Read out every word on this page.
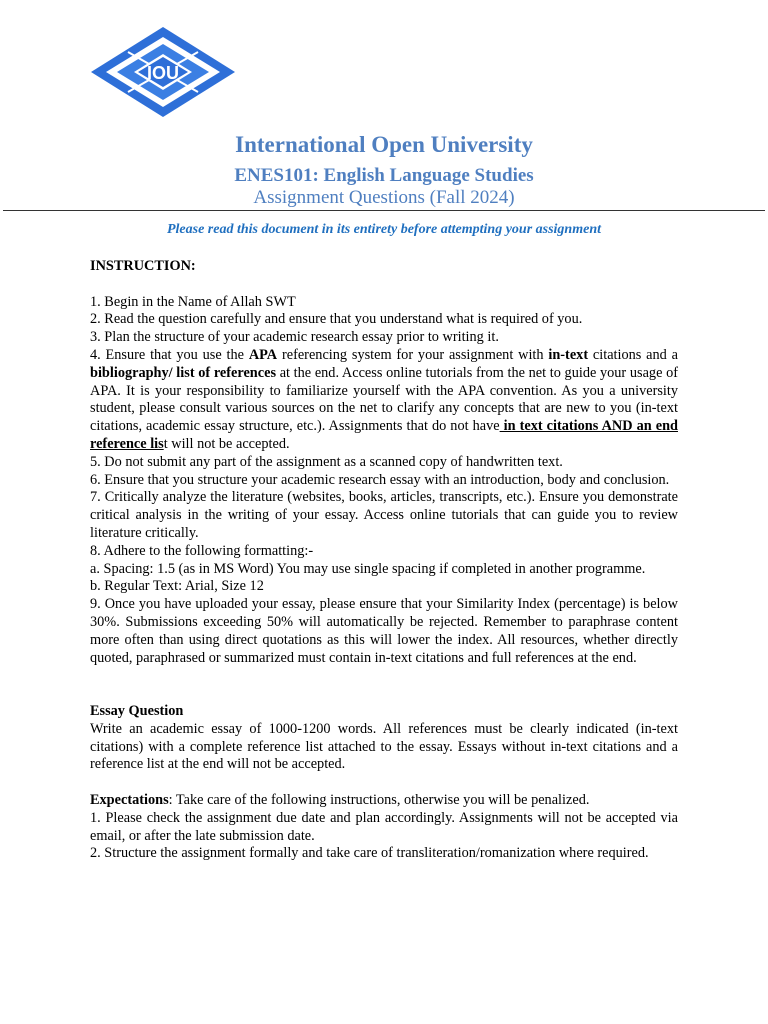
IOU
International Open University
ENES101: English Language Studies
Assignment Questions (Fall 2024)
Please read this document in its entirety before attempting your assignment

INSTRUCTION:

1. Begin in the Name of Allah SWT

2. Read the question carefully and ensure that you understand what is required of you.

3. Plan the structure of your academic research essay prior to writing it.

4. Ensure that you use the APA referencing system for your assignment with in-text citations and a bibliography/ list of references at the end. Access online tutorials from the net to guide your usage of APA. It is your responsibility to familiarize yourself with the APA convention. As you a university student, please consult various sources on the net to clarify any concepts that are new to you (in-text citations, academic essay structure, etc.). Assignments that do not have in text citations AND an end reference list will not be accepted.

5. Do not submit any part of the assignment as a scanned copy of handwritten text.

6. Ensure that you structure your academic research essay with an introduction, body and conclusion.

7. Critically analyze the literature (websites, books, articles, transcripts, etc.). Ensure you demonstrate critical analysis in the writing of your essay. Access online tutorials that can guide you to review literature critically.

8. Adhere to the following formatting:-

a. Spacing: 1.5 (as in MS Word) You may use single spacing if completed in another programme.

b. Regular Text: Arial, Size 12

9. Once you have uploaded your essay, please ensure that your Similarity Index (percentage) is below 30%. Submissions exceeding 50% will automatically be rejected. Remember to paraphrase content more often than using direct quotations as this will lower the index. All resources, whether directly quoted, paraphrased or summarized must contain in-text citations and full references at the end.

Essay Question

Write an academic essay of 1000-1200 words. All references must be clearly indicated (in-text citations) with a complete reference list attached to the essay. Essays without in-text citations and a reference list at the end will not be accepted.

Expectations: Take care of the following instructions, otherwise you will be penalized.

1. Please check the assignment due date and plan accordingly. Assignments will not be accepted via email, or after the late submission date.

2. Structure the assignment formally and take care of transliteration/romanization where required.
